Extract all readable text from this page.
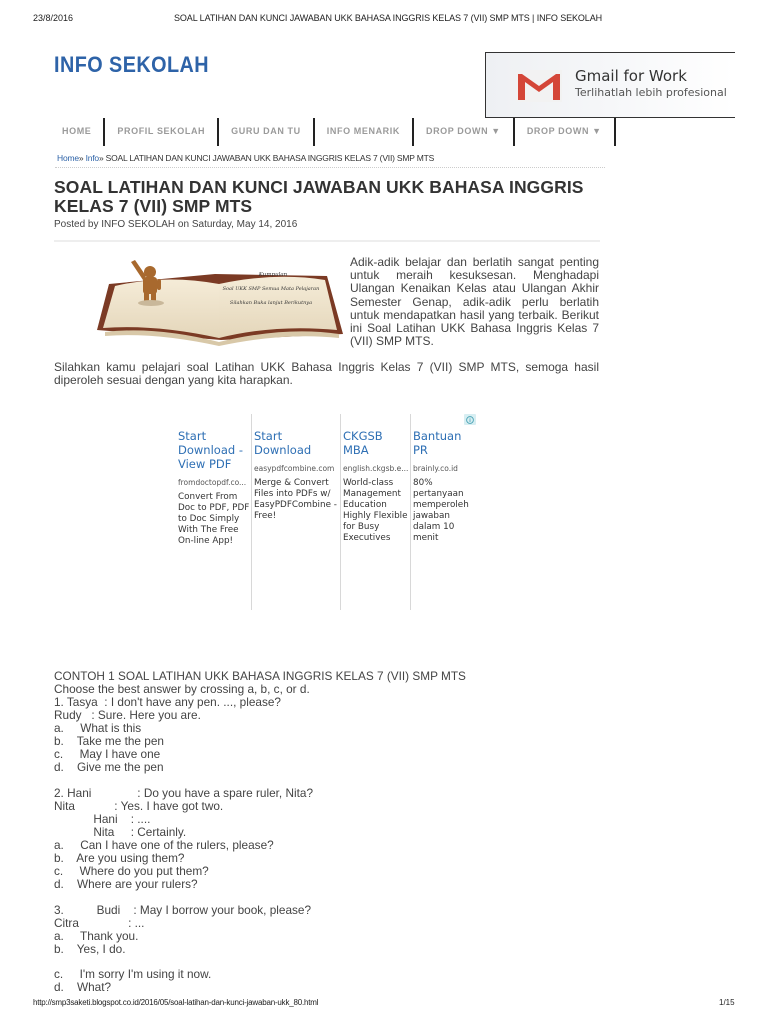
23/8/2016	SOAL LATIHAN DAN KUNCI JAWABAN UKK BAHASA INGGRIS KELAS 7 (VII) SMP MTS | INFO SEKOLAH
INFO SEKOLAH	Gmail for Work
Terlihatlah lebih profesional
HOME	PROFIL SEKOLAH	GURU DAN TU	INFO MENARIK	DROP DOWN ▼	DROP DOWN ▼
Home» Info» SOAL LATIHAN DAN KUNCI JAWABAN UKK BAHASA INGGRIS KELAS 7 (VII) SMP MTS
SOAL LATIHAN DAN KUNCI JAWABAN UKK BAHASA INGGRIS KELAS 7 (VII) SMP MTS
Posted by INFO SEKOLAH on Saturday, May 14, 2016
Kumpulan
Soal UKK SMP Semua Mata Pelajaran
Silahkan Buka lanjut Berikutnya

Adik-adik belajar dan berlatih sangat penting untuk meraih kesuksesan. Menghadapi Ulangan Kenaikan Kelas atau Ulangan Akhir Semester Genap, adik-adik perlu berlatih untuk mendapatkan hasil yang terbaik. Berikut ini Soal Latihan UKK Bahasa Inggris Kelas 7 (VII) SMP MTS.

Silahkan kamu pelajari soal Latihan UKK Bahasa Inggris Kelas 7 (VII) SMP MTS, semoga hasil diperoleh sesuai dengan yang kita harapkan.

Start Download - View PDF
fromdoctopdf.co...
Convert From Doc to PDF, PDF to Doc Simply With The Free On-line App!
Start Download
easypdfcombine.com
Merge & Convert Files into PDFs w/ EasyPDFCombine - Free!
CKGSB MBA
english.ckgsb.e...
World-class Management Education Highly Flexible for Busy Executives
Bantuan PR
brainly.co.id
80% pertanyaan memperoleh jawaban dalam 10 menit
CONTOH 1 SOAL LATIHAN UKK BAHASA INGGRIS KELAS 7 (VII) SMP MTS
Choose the best answer by crossing a, b, c, or d.
1. Tasya  : I don't have any pen. ..., please?
Rudy   : Sure. Here you are.
a.     What is this
b.    Take me the pen
c.     May I have one
d.    Give me the pen
2. Hani              : Do you have a spare ruler, Nita?
Nita            : Yes. I have got two.
Hani    : ....
Nita     : Certainly.
a.     Can I have one of the rulers, please?
b.    Are you using them?
c.     Where do you put them?
d.    Where are your rulers?
3.          Budi    : May I borrow your book, please?
Citra               : ...
a.     Thank you.
b.    Yes, I do.
c.     I'm sorry I'm using it now.
d.    What?
http://smp3saketi.blogspot.co.id/2016/05/soal-latihan-dan-kunci-jawaban-ukk_80.html	1/15
